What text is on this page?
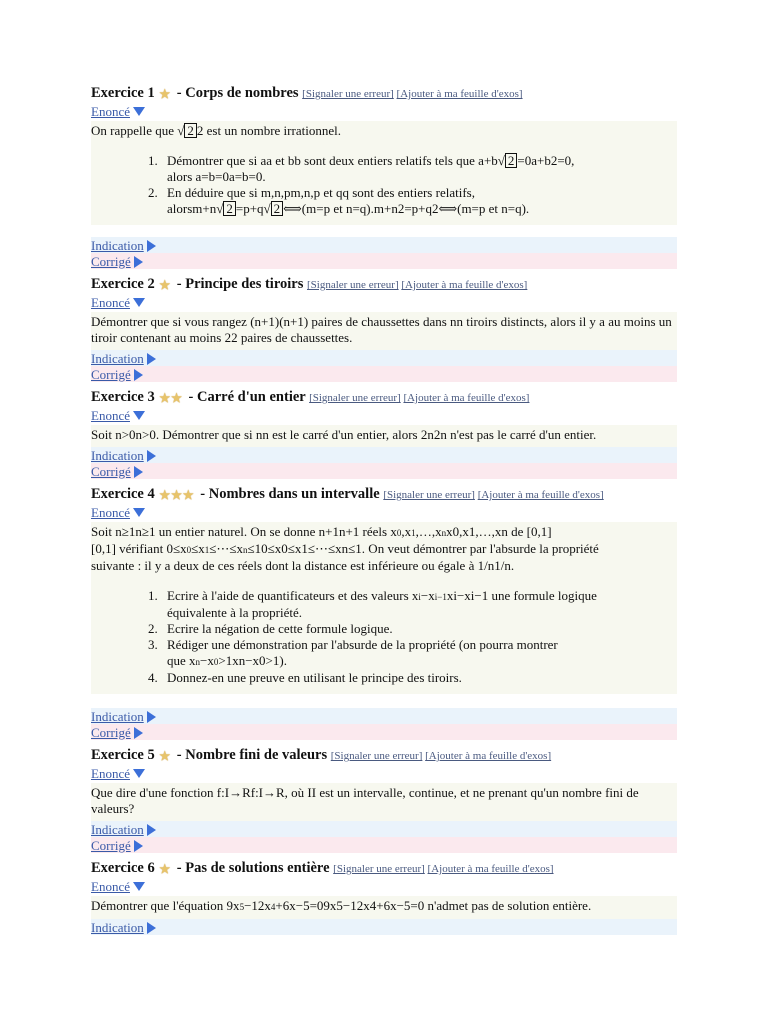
Exercice 1 ★ - Corps de nombres [Signaler une erreur] [Ajouter à ma feuille d'exos]
Enoncé
On rappelle que √ 2 2 est un nombre irrationnel.
1. Démontrer que si aa et bb sont deux entiers relatifs tels que a+b√ 2 =0a+b2=0,
alors a=b=0a=b=0.
2. En déduire que si m,n,pm,n,p et qq sont des entiers relatifs,
alorsm+n√ 2 =p+q√ 2 ⟺(m=p et n=q).m+n2=p+q2⟺(m=p et n=q).
Indication
Corrigé
Exercice 2 ★ - Principe des tiroirs [Signaler une erreur] [Ajouter à ma feuille d'exos]
Enoncé
Démontrer que si vous rangez (n+1)(n+1) paires de chaussettes dans nn tiroirs distincts, alors il y a au moins un tiroir contenant au moins 22 paires de chaussettes.
Indication
Corrigé
Exercice 3 ★★ - Carré d'un entier [Signaler une erreur] [Ajouter à ma feuille d'exos]
Enoncé
Soit n>0n>0. Démontrer que si nn est le carré d'un entier, alors 2n2n n'est pas le carré d'un entier.
Indication
Corrigé
Exercice 4 ★★★ - Nombres dans un intervalle [Signaler une erreur] [Ajouter à ma feuille d'exos]
Enoncé
Soit n≥1n≥1 un entier naturel. On se donne n+1n+1 réels x0,x1,…,xnx0,x1,…,xn de [0,1]
[0,1] vérifiant 0≤x0≤x1≤⋯≤xn≤10≤x0≤x1≤⋯≤xn≤1. On veut démontrer par l'absurde la propriété
suivante : il y a deux de ces réels dont la distance est inférieure ou égale à 1/n1/n.
1. Ecrire à l'aide de quantificateurs et des valeurs xi−xi−1xi−xi−1 une formule logique
équivalente à la propriété.
2. Ecrire la négation de cette formule logique.
3. Rédiger une démonstration par l'absurde de la propriété (on pourra montrer
que xn−x0>1xn−x0>1).
4. Donnez-en une preuve en utilisant le principe des tiroirs.
Indication
Corrigé
Exercice 5 ★ - Nombre fini de valeurs [Signaler une erreur] [Ajouter à ma feuille d'exos]
Enoncé
Que dire d'une fonction f:I→Rf:I→R, où II est un intervalle, continue, et ne prenant qu'un nombre fini de valeurs?
Indication
Corrigé
Exercice 6 ★ - Pas de solutions entière [Signaler une erreur] [Ajouter à ma feuille d'exos]
Enoncé
Démontrer que l'équation 9x5−12x4+6x−5=09x5−12x4+6x−5=0 n'admet pas de solution entière.
Indication
